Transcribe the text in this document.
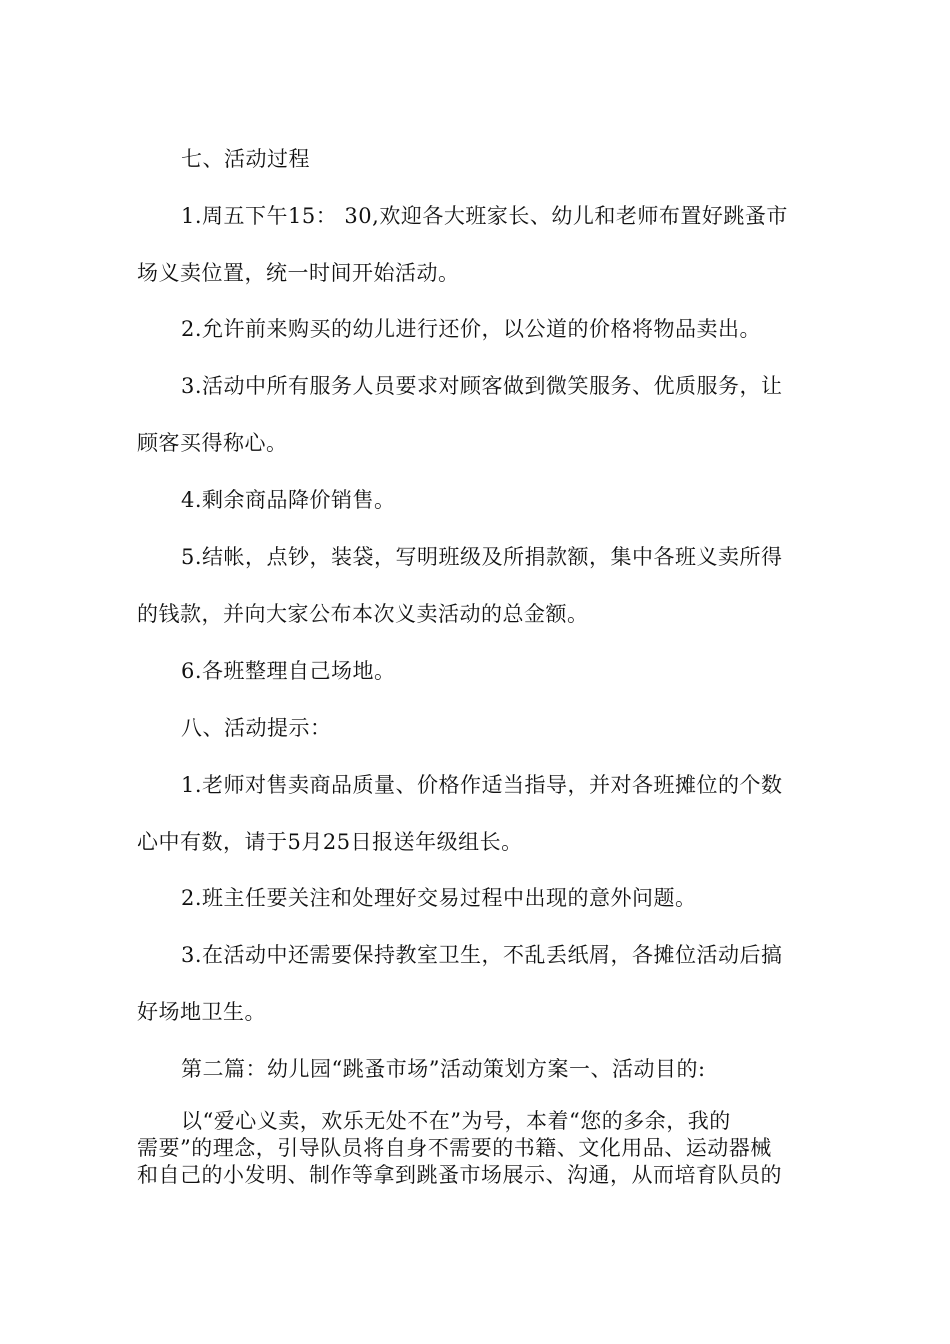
七、活动过程
1.周五下午15： 30,欢迎各大班家长、幼儿和老师布置好跳蚤市
场义卖位置，统一时间开始活动。
2.允许前来购买的幼儿进行还价，以公道的价格将物品卖出。
3.活动中所有服务人员要求对顾客做到微笑服务、优质服务，让
顾客买得称心。
4.剩余商品降价销售。
5.结帐，点钞，装袋，写明班级及所捐款额，集中各班义卖所得
的钱款，并向大家公布本次义卖活动的总金额。
6.各班整理自己场地。
八、活动提示：
1.老师对售卖商品质量、价格作适当指导，并对各班摊位的个数
心中有数，请于5月25日报送年级组长。
2.班主任要关注和处理好交易过程中出现的意外问题。
3.在活动中还需要保持教室卫生，不乱丢纸屑，各摊位活动后搞
好场地卫生。
第二篇：幼儿园“跳蚤市场”活动策划方案一、活动目的:
以“爱心义卖，欢乐无处不在”为号，本着“您的多余，我的
需要”的理念，引导队员将自身不需要的书籍、文化用品、运动器械
和自己的小发明、制作等拿到跳蚤市场展示、沟通，从而培育队员的
